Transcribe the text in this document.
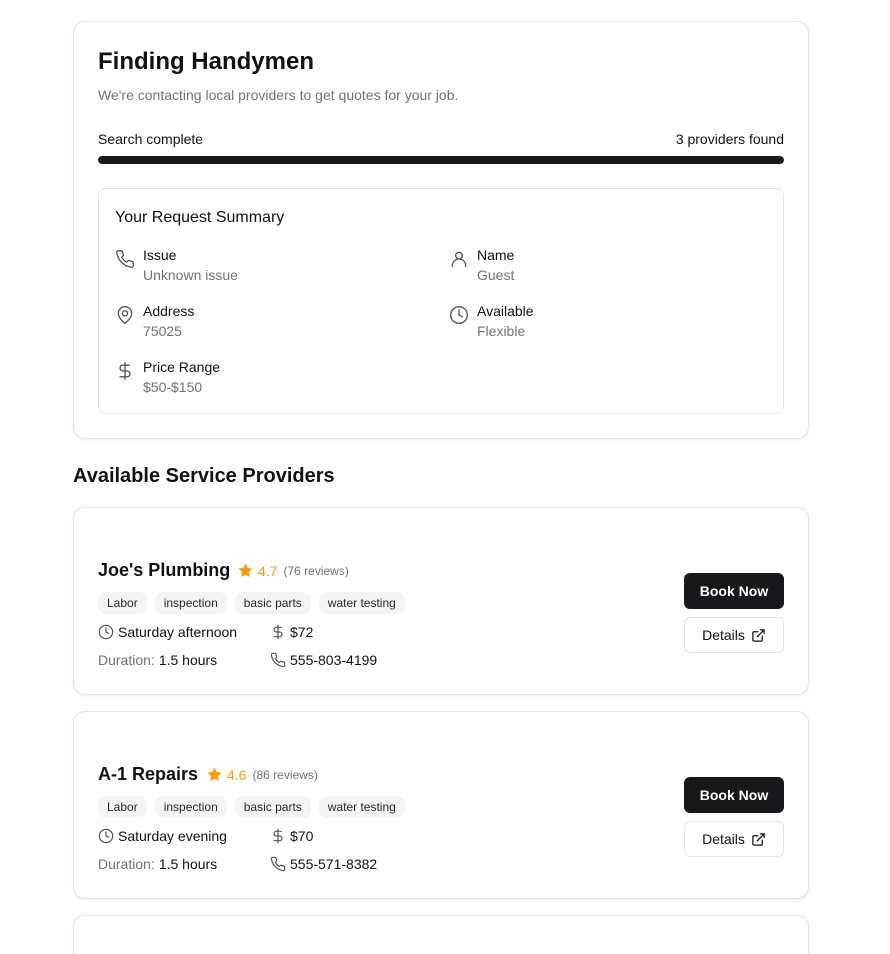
Finding Handymen
We're contacting local providers to get quotes for your job.
Search complete	3 providers found
Your Request Summary
Issue
Unknown issue
Name
Guest
Address
75025
Available
Flexible
Price Range
$50-$150
Available Service Providers
Joe's Plumbing 4.7 (76 reviews)
Labor	inspection	basic parts	water testing
Saturday afternoon	$72
Duration: 1.5 hours	555-803-4199
Book Now
Details
A-1 Repairs 4.6 (86 reviews)
Labor	inspection	basic parts	water testing
Saturday evening	$70
Duration: 1.5 hours	555-571-8382
Book Now
Details
